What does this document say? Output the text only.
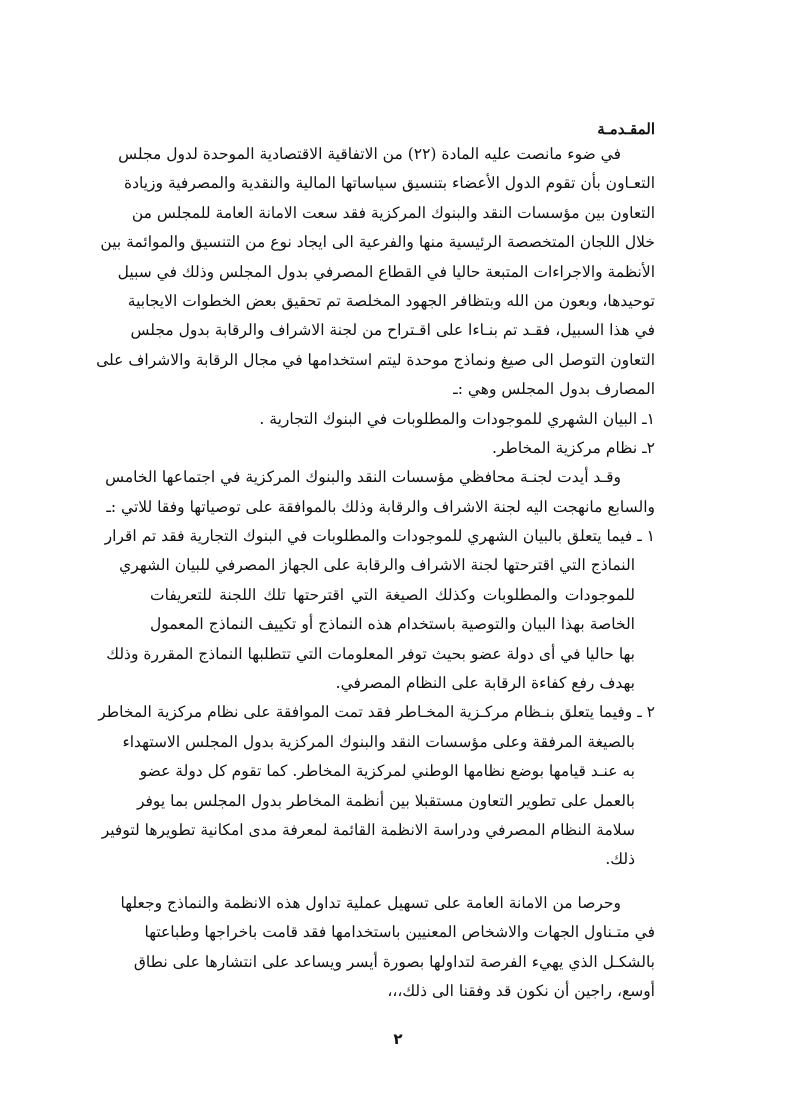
المقـدمـة
في ضوء مانصت عليه المادة (٢٢) من الاتفاقية الاقتصادية الموحدة لدول مجلس
التعـاون بأن تقوم الدول الأعضاء بتنسيق سياساتها المالية والنقدية والمصرفية وزيادة
التعاون بين مؤسسات النقد والبنوك المركزية فقد سعت الامانة العامة للمجلس من
خلال اللجان المتخصصة الرئيسية منها والفرعية الى ايجاد نوع من التنسيق والموائمة بين
الأنظمة والاجراءات المتبعة حاليا في القطاع المصرفي بدول المجلس وذلك في سبيل
توحيدها، وبعون من الله وبتظافر الجهود المخلصة تم تحقيق بعض الخطوات الايجابية
في هذا السبيل، فقـد تم بنـاءا على اقـتراح من لجنة الاشراف والرقابة بدول مجلس
التعاون التوصل الى صيغ ونماذج موحدة ليتم استخدامها في مجال الرقابة والاشراف على
المصارف بدول المجلس وهي :ـ
١ـ البيان الشهري للموجودات والمطلوبات في البنوك التجارية .
٢ـ نظام مركزية المخاطر.
وقـد أيدت لجنـة محافظي مؤسسات النقد والبنوك المركزية في اجتماعها الخامس
والسابع مانهجت اليه لجنة الاشراف والرقابة وذلك بالموافقة على توصياتها وفقا للاتي :ـ
١ ـ فيما يتعلق بالبيان الشهري للموجودات والمطلوبات في البنوك التجارية فقد تم اقرار
النماذج التي اقترحتها لجنة الاشراف والرقابة على الجهاز المصرفي للبيان الشهري
للموجودات والمطلوبات وكذلك الصيغة التي اقترحتها تلك اللجنة للتعريفات
الخاصة بهذا البيان والتوصية باستخدام هذه النماذج أو تكييف النماذج المعمول
بها حاليا في أى دولة عضو بحيث توفر المعلومات التي تتطلبها النماذج المقررة وذلك
بهدف رفع كفاءة الرقابة على النظام المصرفي.
٢ ـ وفيما يتعلق بنـظام مركـزية المخـاطر فقد تمت الموافقة على نظام مركزية المخاطر
بالصيغة المرفقة وعلى مؤسسات النقد والبنوك المركزية بدول المجلس الاستهداء
به عنـد قيامها بوضع نظامها الوطني لمركزية المخاطر. كما تقوم كل دولة عضو
بالعمل على تطوير التعاون مستقبلا بين أنظمة المخاطر بدول المجلس بما يوفر
سلامة النظام المصرفي ودراسة الانظمة القائمة لمعرفة مدى امكانية تطويرها لتوفير
ذلك.
وحرصا من الامانة العامة على تسهيل عملية تداول هذه الانظمة والنماذج وجعلها
في متـناول الجهات والاشخاص المعنيين باستخدامها فقد قامت باخراجها وطباعتها
بالشكـل الذي يهيء الفرصة لتداولها بصورة أيسر ويساعد على انتشارها على نطاق
أوسع، راجين أن نكون قد وفقنا الى ذلك،،،
٢
